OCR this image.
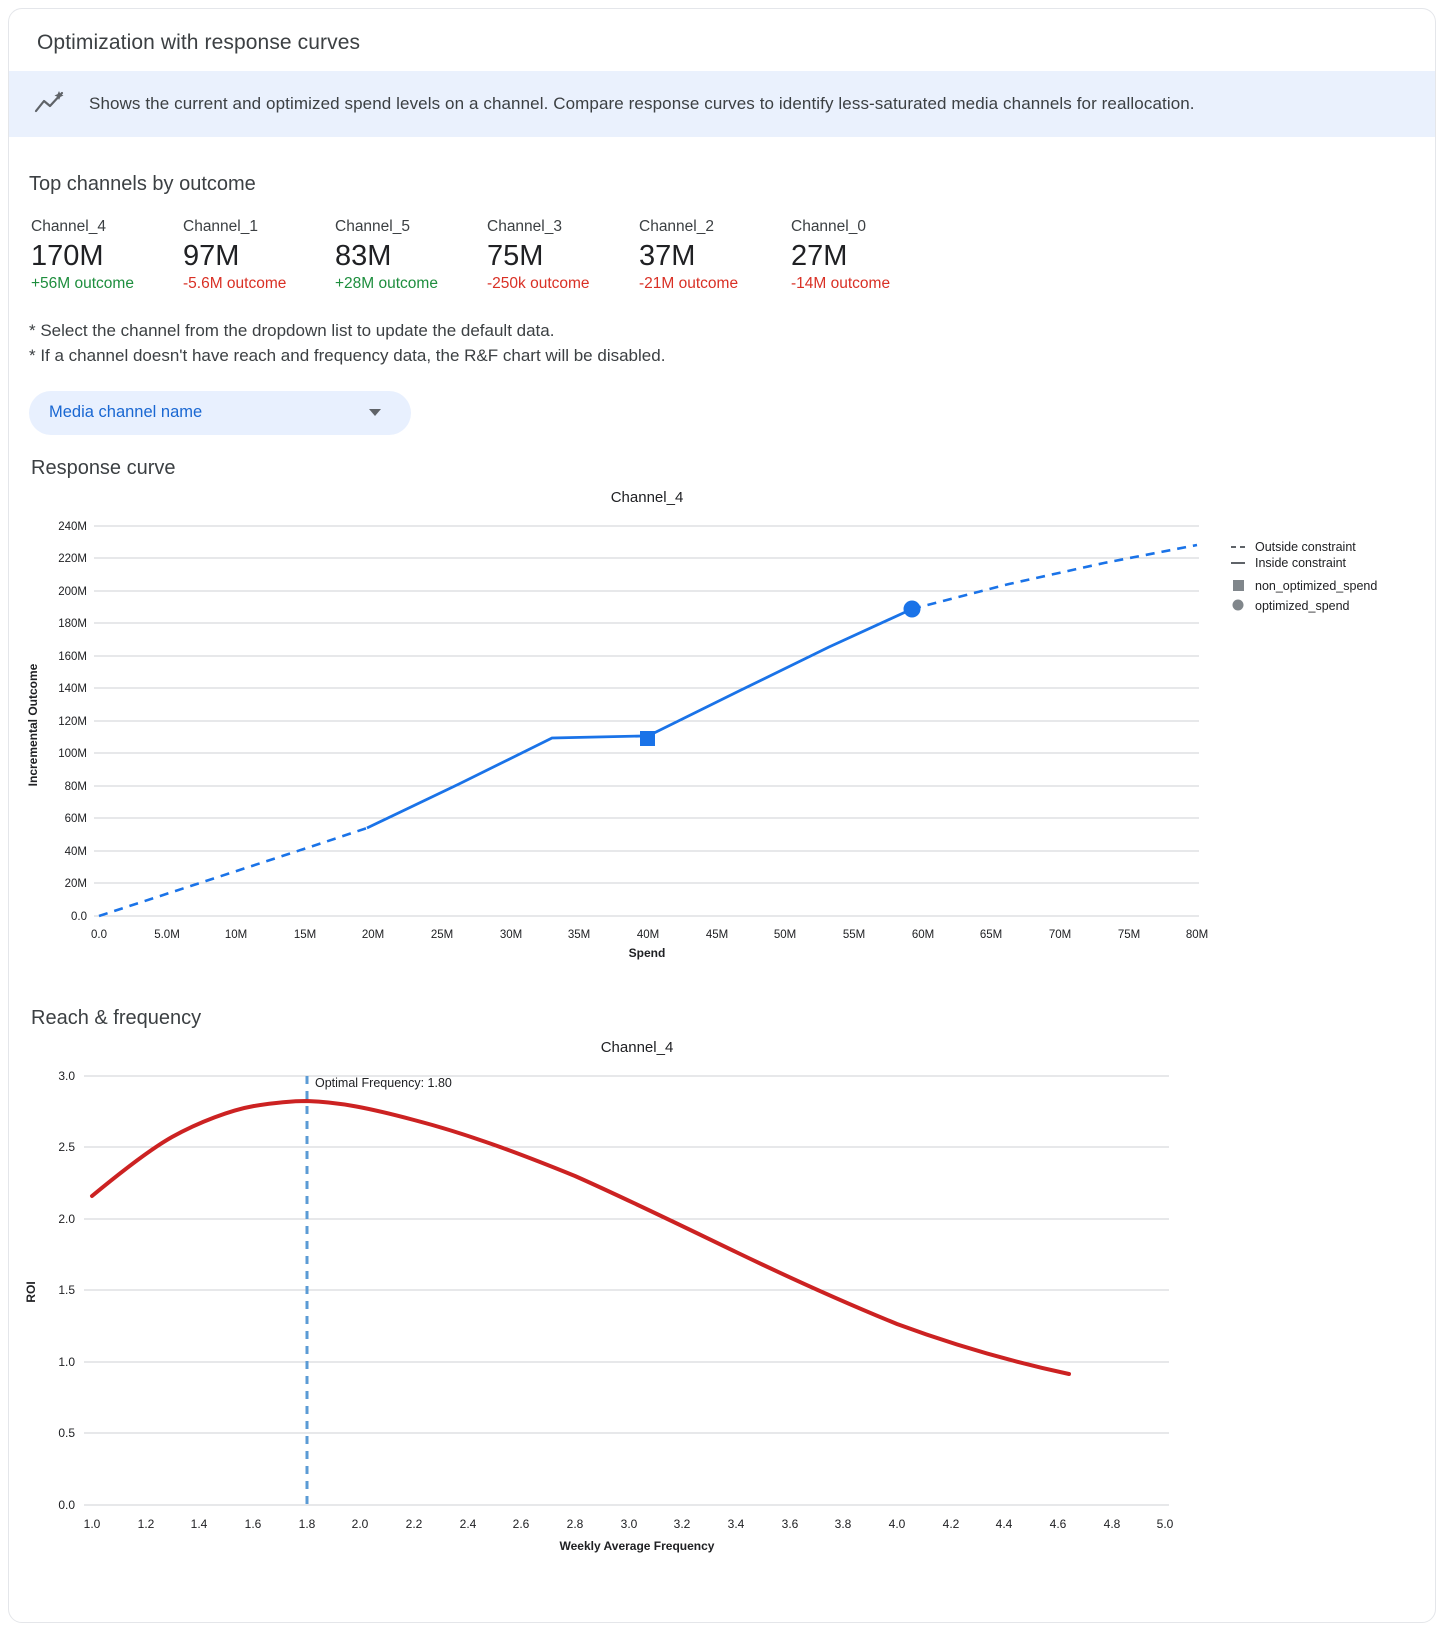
Optimization with response curves
Shows the current and optimized spend levels on a channel. Compare response curves to identify less-saturated media channels for reallocation.
Top channels by outcome
Channel_4
170M
+56M outcome
Channel_1
97M
-5.6M outcome
Channel_5
83M
+28M outcome
Channel_3
75M
-250k outcome
Channel_2
37M
-21M outcome
Channel_0
27M
-14M outcome
* Select the channel from the dropdown list to update the default data.
* If a channel doesn't have reach and frequency data, the R&F chart will be disabled.
Media channel name
Response curve
Channel_4
240M
220M
200M
180M
160M
140M
120M
100M
80M
60M
40M
20M
0.0
0.0	5.0M	10M	15M	20M	25M	30M	35M	40M	45M	50M	55M	60M	65M	70M	75M	80M
Spend
Incremental Outcome
Outside constraint
Inside constraint
non_optimized_spend
optimized_spend
Reach & frequency
Channel_4
3.0
2.5
2.0
1.5
1.0
0.5
0.0
1.0	1.2	1.4	1.6	1.8	2.0	2.2	2.4	2.6	2.8	3.0	3.2	3.4	3.6	3.8	4.0	4.2	4.4	4.6	4.8	5.0
Weekly Average Frequency
ROI
Optimal Frequency: 1.80
